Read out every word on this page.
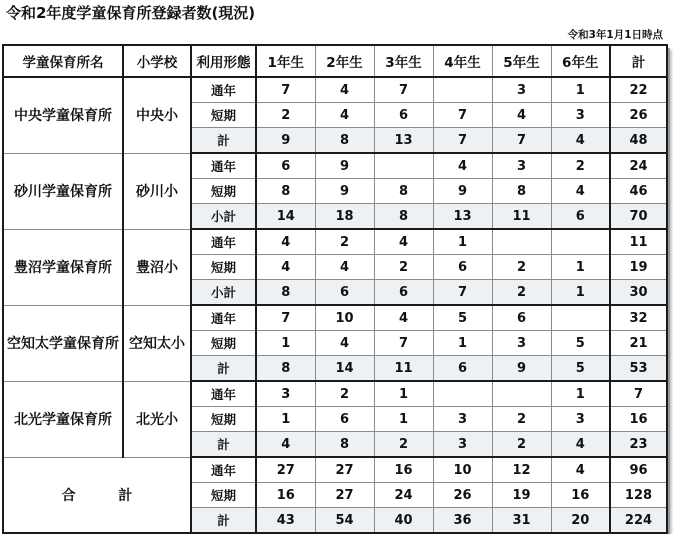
令和2年度学童保育所登録者数(現況)
令和3年1月1日時点
学童保育所名	小学校	利用形態	1年生	2年生	3年生	4年生	5年生	6年生	計
中央学童保育所	中央小	通年	7	4	7		3	1	22
		短期	2	4	6	7	4	3	26
		計	9	8	13	7	7	4	48
砂川学童保育所	砂川小	通年	6	9		4	3	2	24
		短期	8	9	8	9	8	4	46
		小計	14	18	8	13	11	6	70
豊沼学童保育所	豊沼小	通年	4	2	4	1			11
		短期	4	4	2	6	2	1	19
		小計	8	6	6	7	2	1	30
空知太学童保育所	空知太小	通年	7	10	4	5	6		32
		短期	1	4	7	1	3	5	21
		計	8	14	11	6	9	5	53
北光学童保育所	北光小	通年	3	2	1			1	7
		短期	1	6	1	3	2	3	16
		計	4	8	2	3	2	4	23
合 計		通年	27	27	16	10	12	4	96
		短期	16	27	24	26	19	16	128
		計	43	54	40	36	31	20	224
